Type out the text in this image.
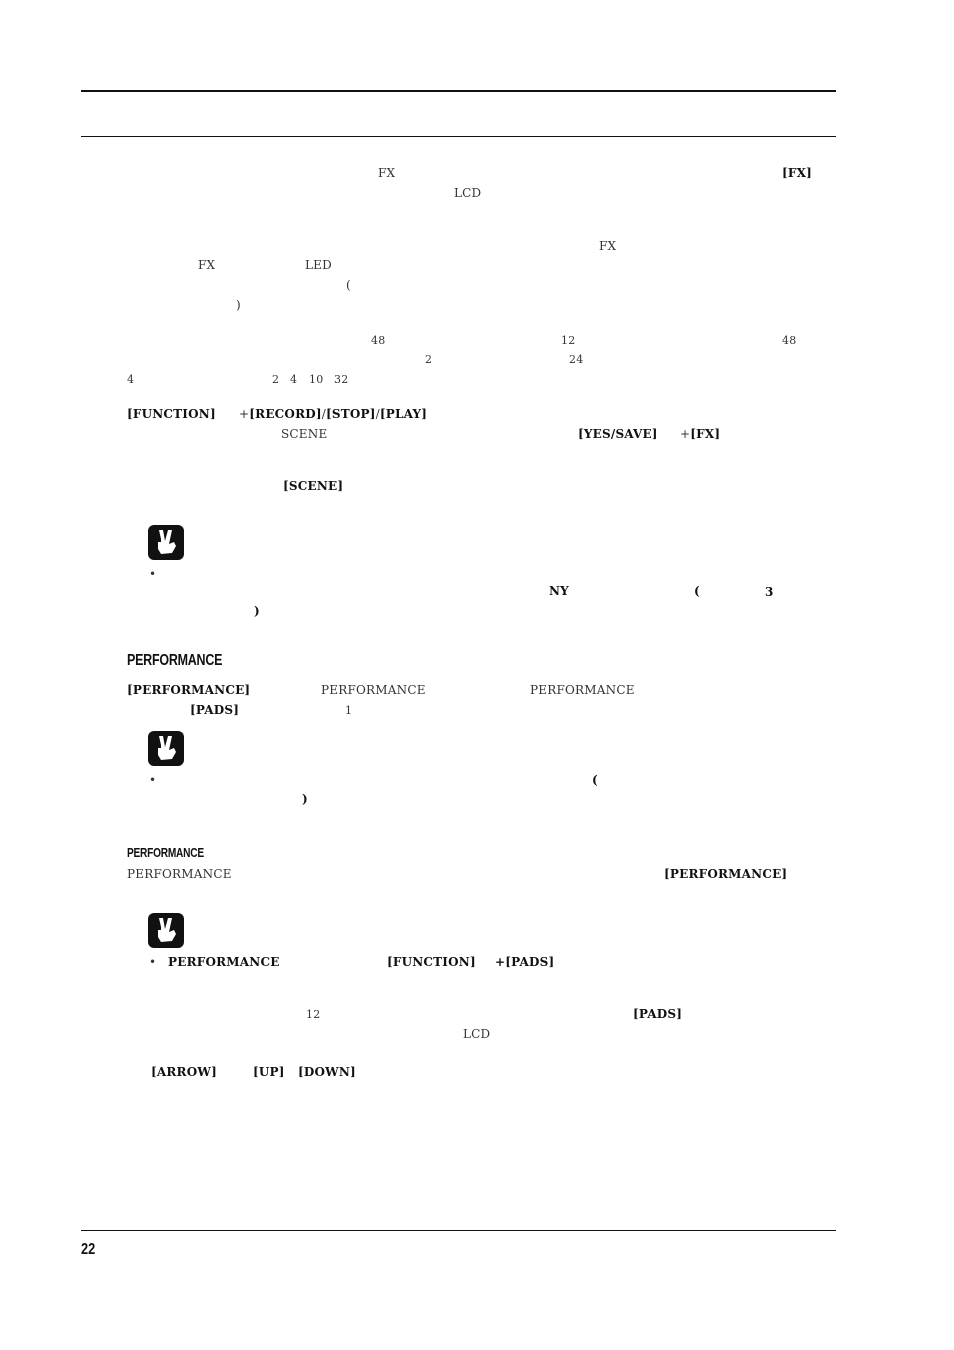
FX	[FX]
LCD
FX
FX	LED
(
)
48	12	48
2	24
4	2 4 10 32
[FUNCTION] +[RECORD]/[STOP]/[PLAY]
SCENE	[YES/SAVE] +[FX]
[SCENE]
•
NY	(	3
)
PERFORMANCE
[PERFORMANCE]	PERFORMANCE	PERFORMANCE
[PADS]	1
•	(
)
PERFORMANCE
PERFORMANCE	[PERFORMANCE]
• PERFORMANCE	[FUNCTION] +[PADS]
12	[PADS]
LCD
[ARROW]	[UP] [DOWN]
22
